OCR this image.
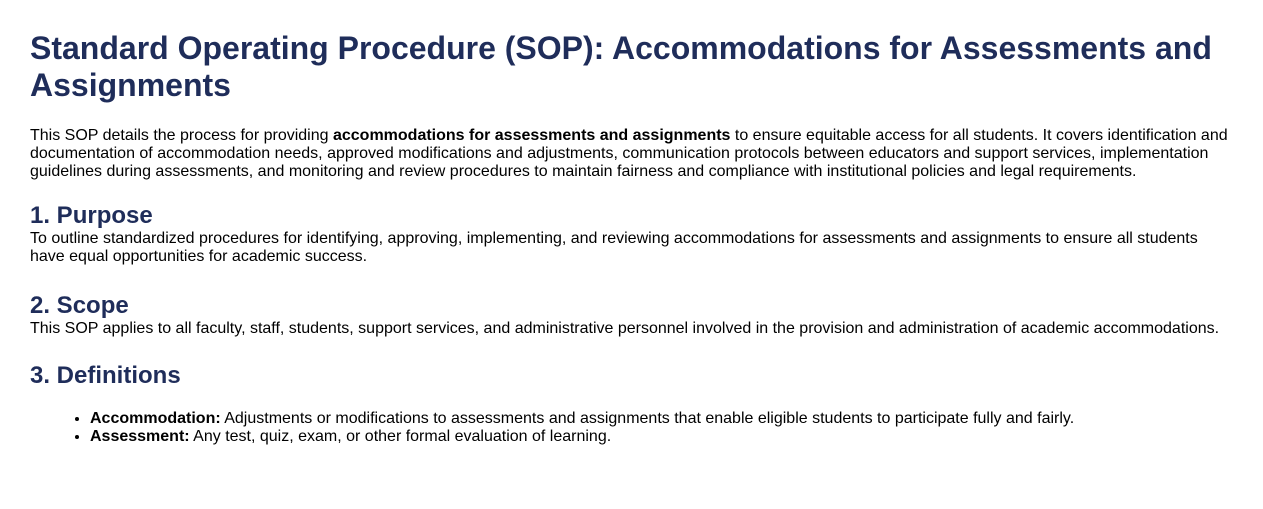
Standard Operating Procedure (SOP): Accommodations for Assessments and Assignments

This SOP details the process for providing accommodations for assessments and assignments to ensure equitable access for all students. It covers identification and documentation of accommodation needs, approved modifications and adjustments, communication protocols between educators and support services, implementation guidelines during assessments, and monitoring and review procedures to maintain fairness and compliance with institutional policies and legal requirements.

1. Purpose

To outline standardized procedures for identifying, approving, implementing, and reviewing accommodations for assessments and assignments to ensure all students have equal opportunities for academic success.

2. Scope

This SOP applies to all faculty, staff, students, support services, and administrative personnel involved in the provision and administration of academic accommodations.

3. Definitions
• Accommodation: Adjustments or modifications to assessments and assignments that enable eligible students to participate fully and fairly.
• Assessment: Any test, quiz, exam, or other formal evaluation of learning.
